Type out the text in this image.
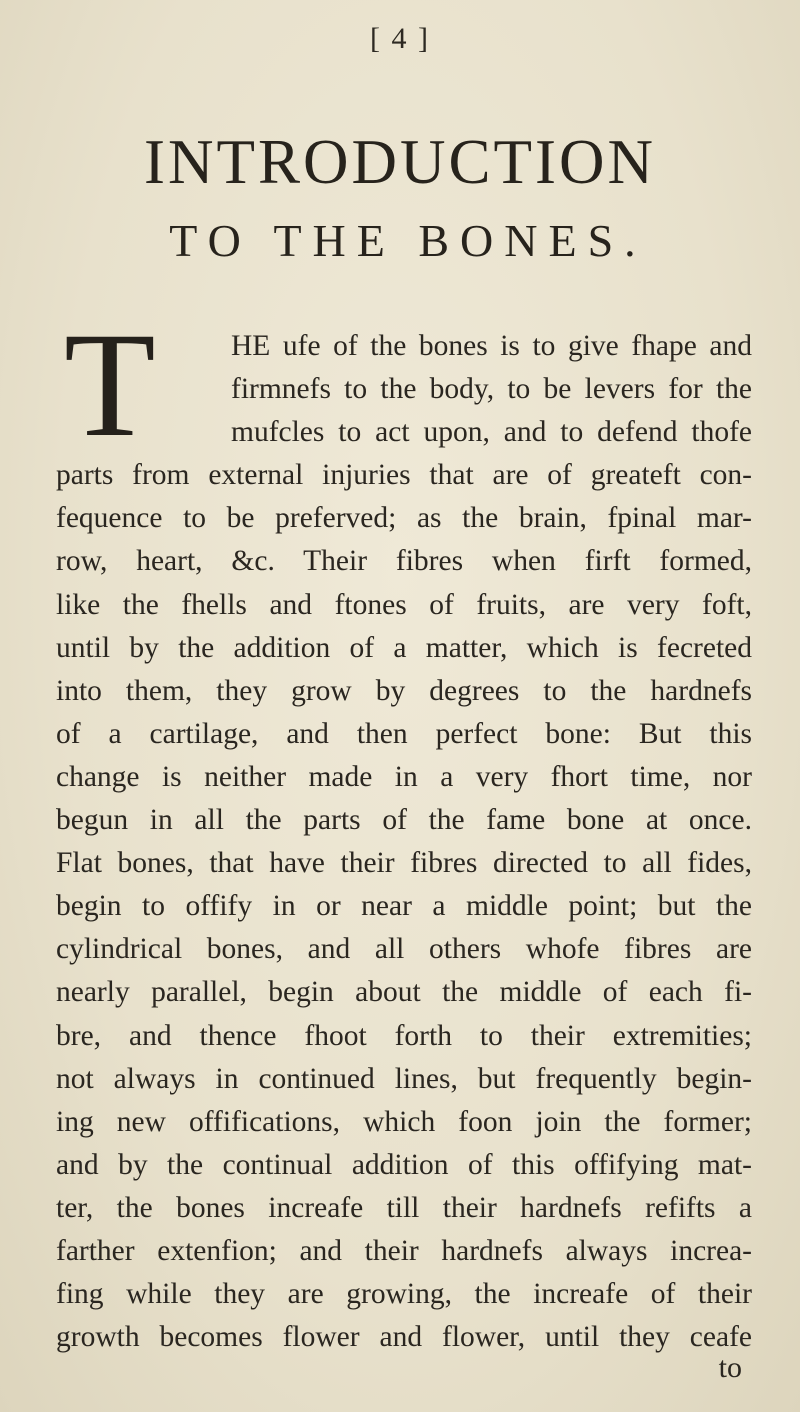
[ 4 ]
INTRODUCTION
TO THE BONES.
T	HE ufe of the bones is to give fhape and
firmnefs to the body, to be levers for the
mufcles to act upon, and to defend thofe
parts from external injuries that are of greateft con-
fequence to be preferved; as the brain, fpinal mar-
row, heart, &c. Their fibres when firft formed,
like the fhells and ftones of fruits, are very foft,
until by the addition of a matter, which is fecreted
into them, they grow by degrees to the hardnefs
of a cartilage, and then perfect bone: But this
change is neither made in a very fhort time, nor
begun in all the parts of the fame bone at once.
Flat bones, that have their fibres directed to all fides,
begin to offify in or near a middle point; but the
cylindrical bones, and all others whofe fibres are
nearly parallel, begin about the middle of each fi-
bre, and thence fhoot forth to their extremities;
not always in continued lines, but frequently begin-
ing new offifications, which foon join the former;
and by the continual addition of this offifying mat-
ter, the bones increafe till their hardnefs refifts a
farther extenfion; and their hardnefs always increa-
fing while they are growing, the increafe of their
growth becomes flower and flower, until they ceafe
to
